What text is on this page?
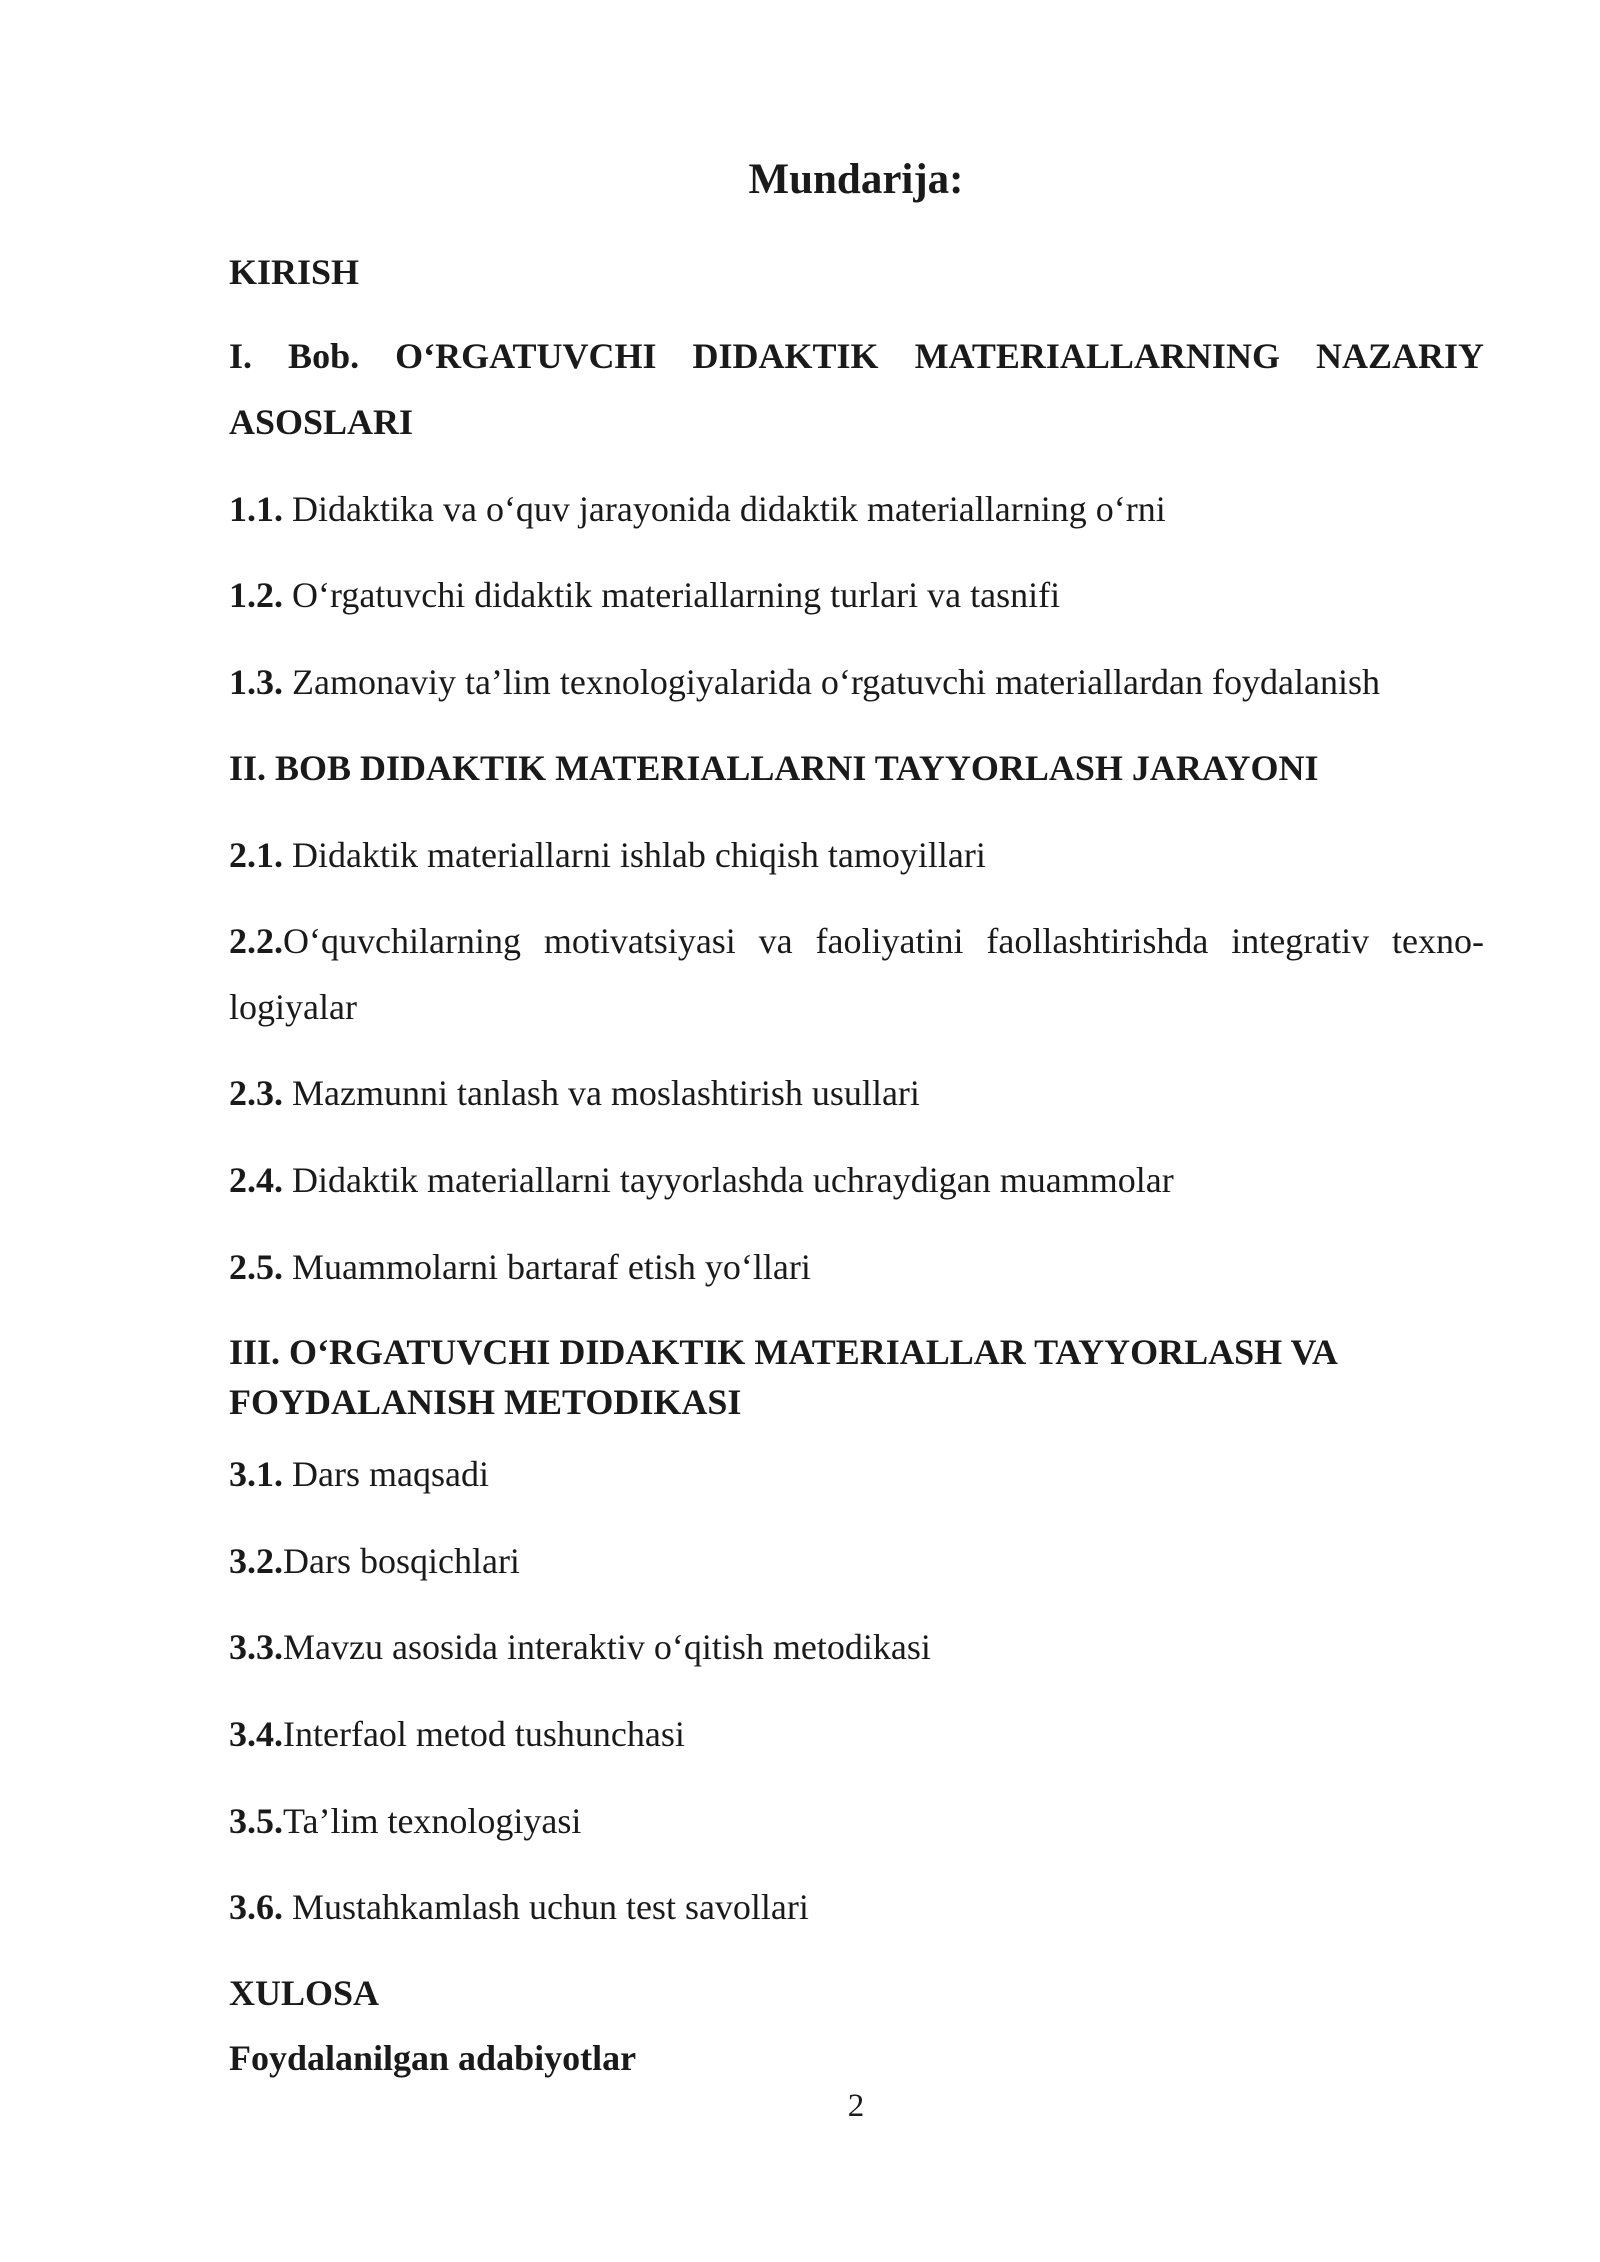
Mundarija:
KIRISH
I. Bob. O‘RGATUVCHI DIDAKTIK MATERIALLARNING NAZARIY
ASOSLARI
1.1. Didaktika va o‘quv jarayonida didaktik materiallarning o‘rni
1.2. O‘rgatuvchi didaktik materiallarning turlari va tasnifi
1.3. Zamonaviy ta’lim texnologiyalarida o‘rgatuvchi materiallardan foydalanish
II. BOB DIDAKTIK MATERIALLARNI TAYYORLASH JARAYONI
2.1. Didaktik materiallarni ishlab chiqish tamoyillari
2.2.O‘quvchilarning motivatsiyasi va faoliyatini faollashtirishda integrativ texno-
logiyalar
2.3. Mazmunni tanlash va moslashtirish usullari
2.4. Didaktik materiallarni tayyorlashda uchraydigan muammolar
2.5. Muammolarni bartaraf etish yo‘llari
III. O‘RGATUVCHI DIDAKTIK MATERIALLAR TAYYORLASH VA
FOYDALANISH METODIKASI
3.1. Dars maqsadi
3.2.Dars bosqichlari
3.3.Mavzu asosida interaktiv o‘qitish metodikasi
3.4.Interfaol metod tushunchasi
3.5.Ta’lim texnologiyasi
3.6. Mustahkamlash uchun test savollari
XULOSA
Foydalanilgan adabiyotlar
2
